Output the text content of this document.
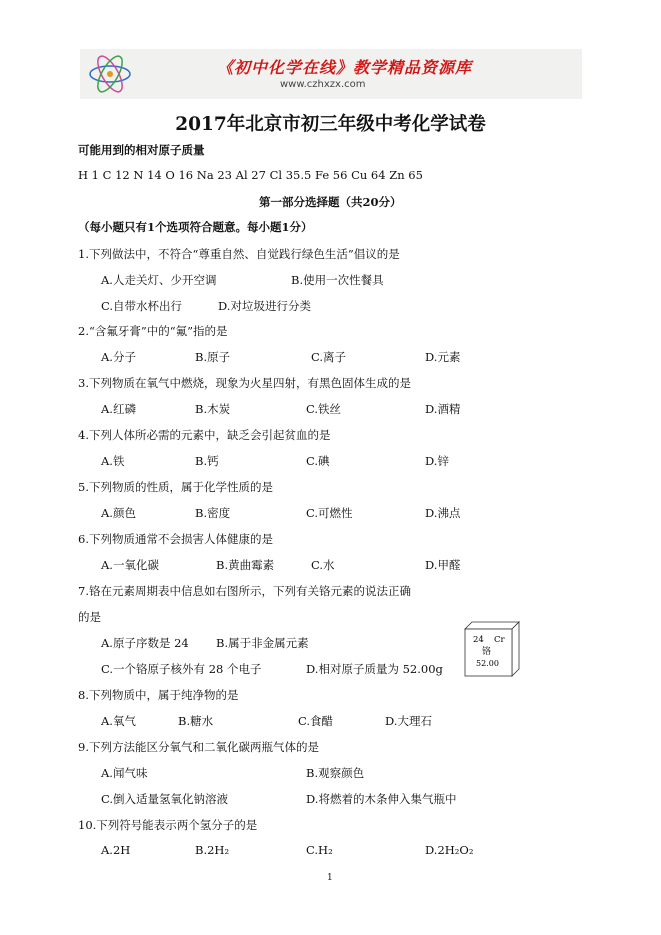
《初中化学在线》教学精品资源库
www.czhxzx.com
2017年北京市初三年级中考化学试卷
可能用到的相对原子质量
H 1 C 12 N 14 O 16 Na 23 Al 27 Cl 35.5 Fe 56 Cu 64 Zn 65
第一部分选择题（共20分）
（每小题只有1个选项符合题意。每小题1分）
1.下列做法中，不符合“尊重自然、自觉践行绿色生活”倡议的是
A.人走关灯、少开空调	B.使用一次性餐具
C.自带水杯出行	D.对垃圾进行分类
2.“含氟牙膏”中的“氟”指的是
A.分子	B.原子	C.离子	D.元素
3.下列物质在氧气中燃烧，现象为火星四射，有黑色固体生成的是
A.红磷	B.木炭	C.铁丝	D.酒精
4.下列人体所必需的元素中，缺乏会引起贫血的是
A.铁	B.钙	C.碘	D.锌
5.下列物质的性质，属于化学性质的是
A.颜色	B.密度	C.可燃性	D.沸点
6.下列物质通常不会损害人体健康的是
A.一氧化碳	B.黄曲霉素	C.水	D.甲醛
7.铬在元素周期表中信息如右图所示，下列有关铬元素的说法正确
的是
A.原子序数是 24 B.属于非金属元素
C.一个铬原子核外有 28 个电子	D.相对原子质量为 52.00g
24 Cr
铬
52.00
8.下列物质中，属于纯净物的是
A.氧气	B.糖水	C.食醋	D.大理石
9.下列方法能区分氧气和二氧化碳两瓶气体的是
A.闻气味	B.观察颜色
C.倒入适量氢氧化钠溶液	D.将燃着的木条伸入集气瓶中
10.下列符号能表示两个氢分子的是
A.2H	B.2H₂	C.H₂	D.2H₂O₂
1
